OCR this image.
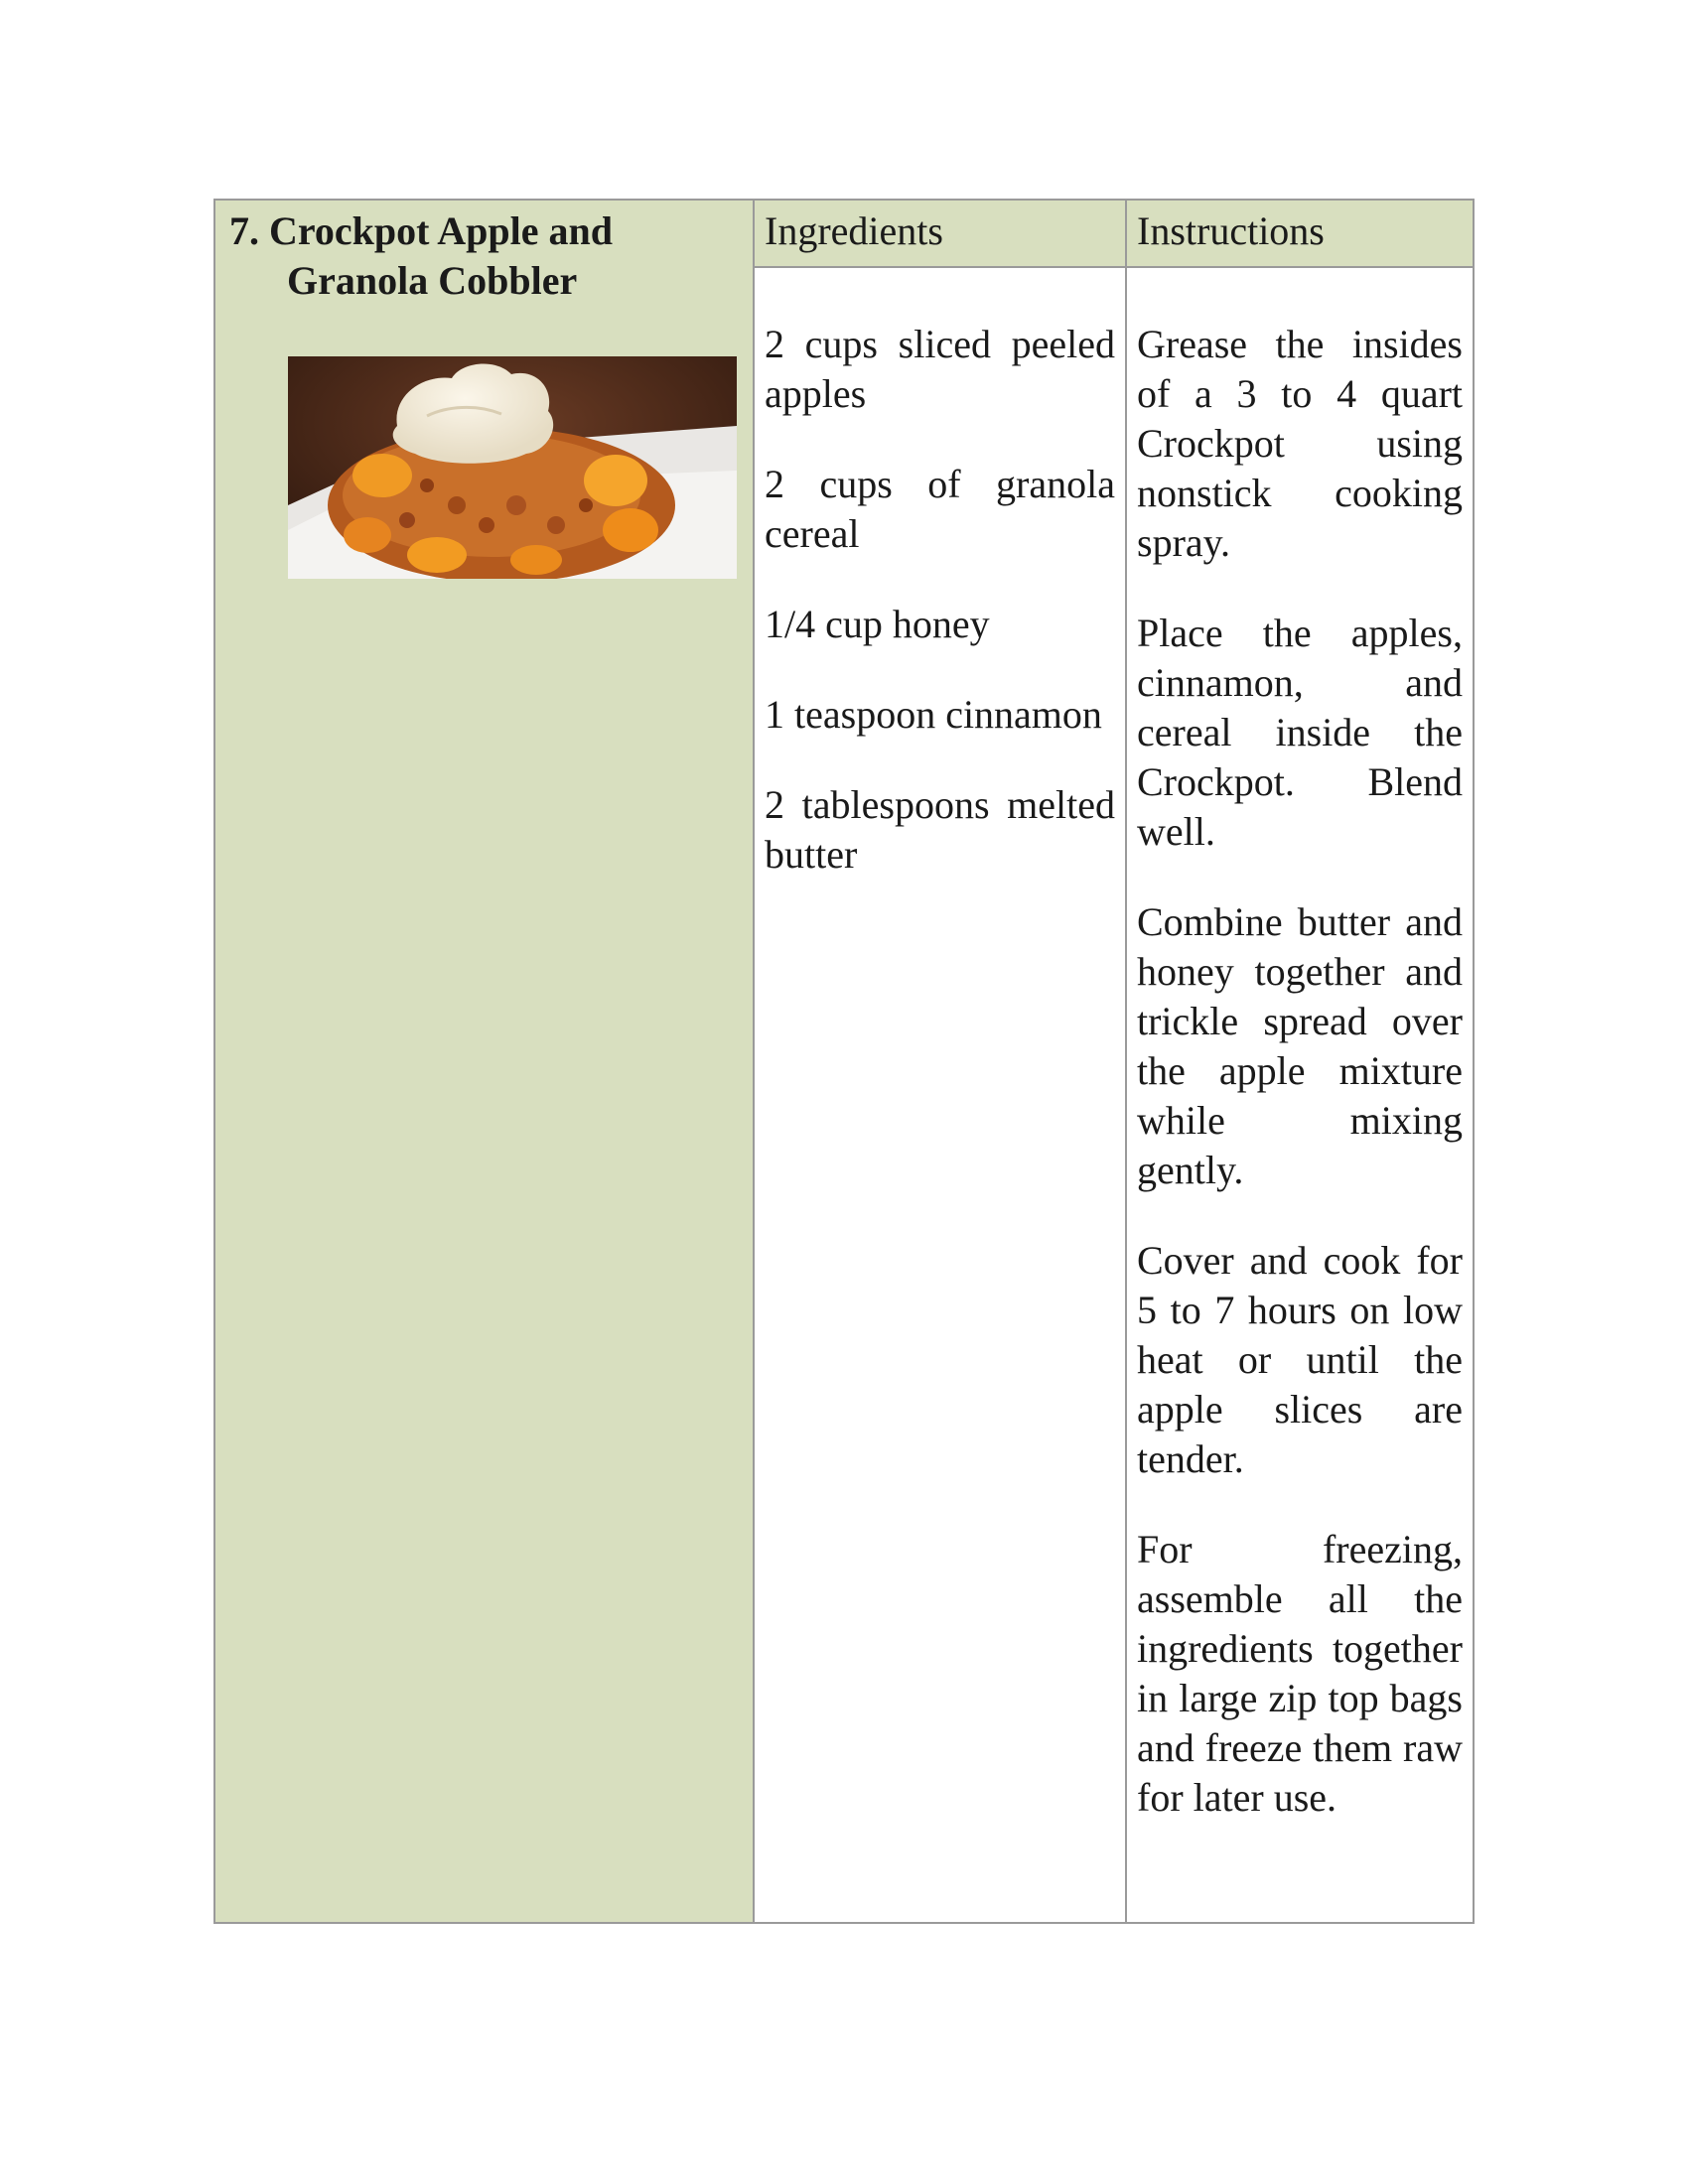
7. Crockpot Apple and
Granola Cobbler
Ingredients

2 cups sliced peeled apples

2 cups of granola cereal

1/4 cup honey

1 teaspoon cinnamon

2 tablespoons melted butter

Instructions

Grease the insides of a 3 to 4 quart Crockpot using nonstick cooking spray.

Place the apples, cinnamon, and cereal inside the Crockpot. Blend well.

Combine butter and honey together and trickle spread over the apple mixture while mixing gently.

Cover and cook for 5 to 7 hours on low heat or until the apple slices are tender.

For freezing, assemble all the ingredients together in large zip top bags and freeze them raw for later use.
